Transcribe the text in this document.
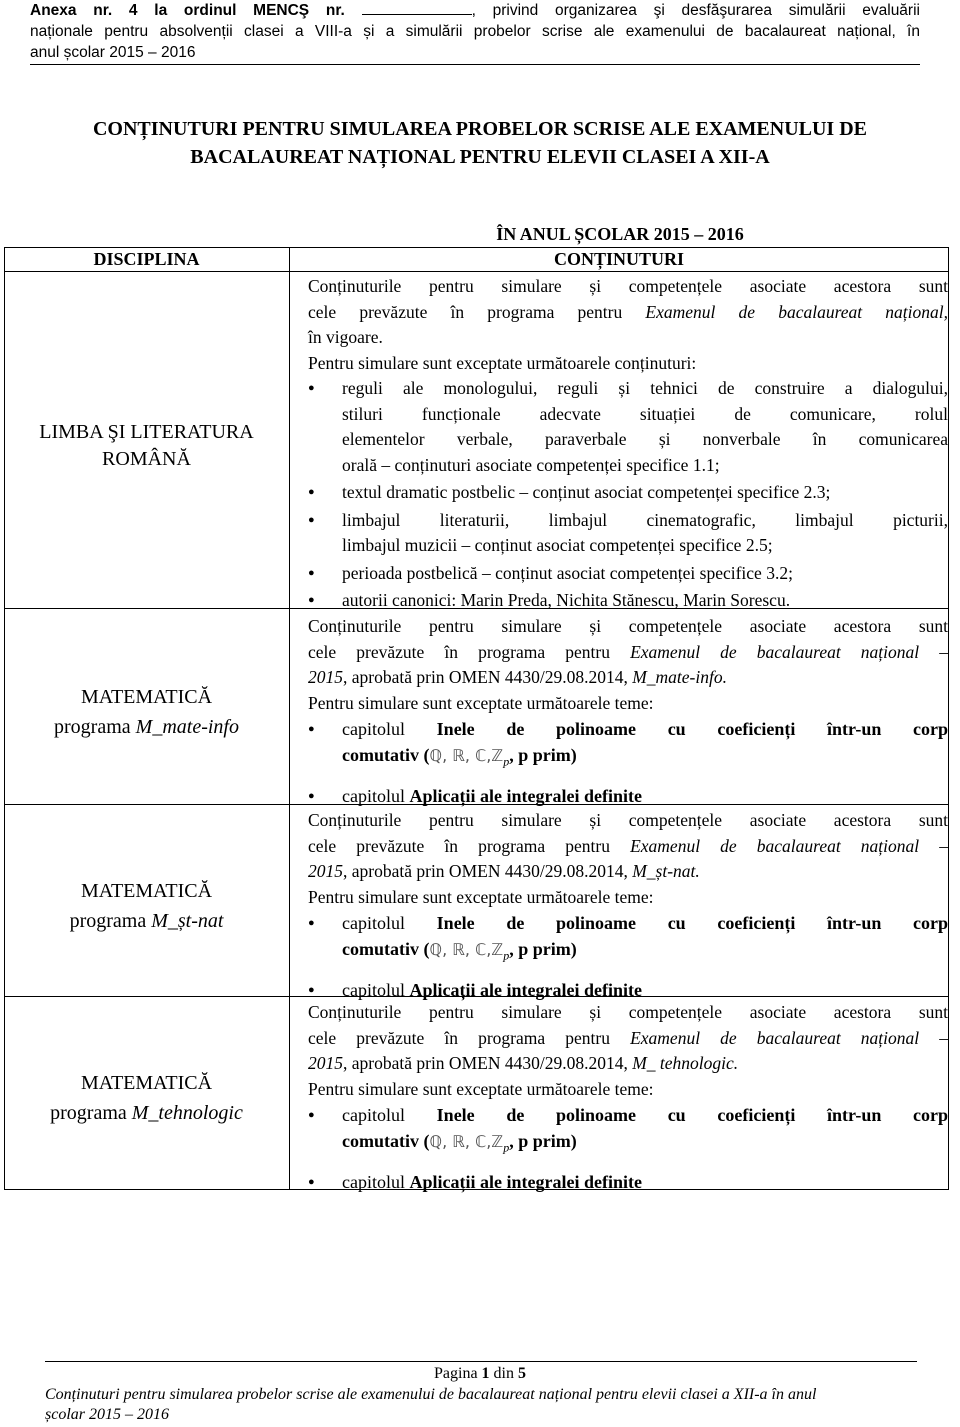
Anexa nr. 4 la ordinul MENCŞ nr.	, privind organizarea şi desfăşurarea simulării evaluării
naționale pentru absolvenții clasei a VIII-a și a simulării probelor scrise ale examenului de bacalaureat național, în
anul școlar 2015 – 2016
CONȚINUTURI PENTRU SIMULAREA PROBELOR SCRISE ALE EXAMENULUI DE
BACALAUREAT NAȚIONAL PENTRU ELEVII CLASEI A XII-A
ÎN ANUL ȘCOLAR 2015 – 2016
DISCIPLINA	CONȚINUTURI
LIMBA ŞI LITERATURA
ROMÂNĂ
Conținuturile pentru simulare și competențele asociate acestora sunt
cele prevăzute în programa pentru Examenul de bacalaureat național,
în vigoare.
Pentru simulare sunt exceptate următoarele conținuturi:
● reguli ale monologului, reguli și tehnici de construire a dialogului,
stiluri funcționale adecvate situației de comunicare, rolul
elementelor verbale, paraverbale și nonverbale în comunicarea
orală – conținuturi asociate competenței specifice 1.1;
● textul dramatic postbelic – conținut asociat competenței specifice 2.3;
● limbajul literaturii, limbajul cinematografic, limbajul picturii,
limbajul muzicii – conținut asociat competenței specifice 2.5;
● perioada postbelică – conținut asociat competenței specifice 3.2;
● autorii canonici: Marin Preda, Nichita Stănescu, Marin Sorescu.
MATEMATICĂ
programa M_mate-info
Conținuturile pentru simulare și competențele asociate acestora sunt
cele prevăzute în programa pentru Examenul de bacalaureat național –
2015, aprobată prin OMEN 4430/29.08.2014, M_mate-info.
Pentru simulare sunt exceptate următoarele teme:
● capitolul Inele de polinoame cu coeficienți într-un corp
comutativ (ℚ, ℝ, ℂ,ℤ$_p$, p prim)
● capitolul Aplicații ale integralei definite
MATEMATICĂ
programa M_șt-nat
Conținuturile pentru simulare și competențele asociate acestora sunt
cele prevăzute în programa pentru Examenul de bacalaureat național –
2015, aprobată prin OMEN 4430/29.08.2014, M_șt-nat.
Pentru simulare sunt exceptate următoarele teme:
● capitolul Inele de polinoame cu coeficienți într-un corp
comutativ (ℚ, ℝ, ℂ,ℤ$_p$, p prim)
● capitolul Aplicații ale integralei definite
MATEMATICĂ
programa M_tehnologic
Conținuturile pentru simulare și competențele asociate acestora sunt
cele prevăzute în programa pentru Examenul de bacalaureat național –
2015, aprobată prin OMEN 4430/29.08.2014, M_ tehnologic.
Pentru simulare sunt exceptate următoarele teme:
● capitolul Inele de polinoame cu coeficienți într-un corp
comutativ (ℚ, ℝ, ℂ,ℤ$_p$, p prim)
● capitolul Aplicații ale integralei definite
Pagina 1 din 5
Conținuturi pentru simularea probelor scrise ale examenului de bacalaureat național pentru elevii clasei a XII-a în anul
școlar 2015 – 2016
